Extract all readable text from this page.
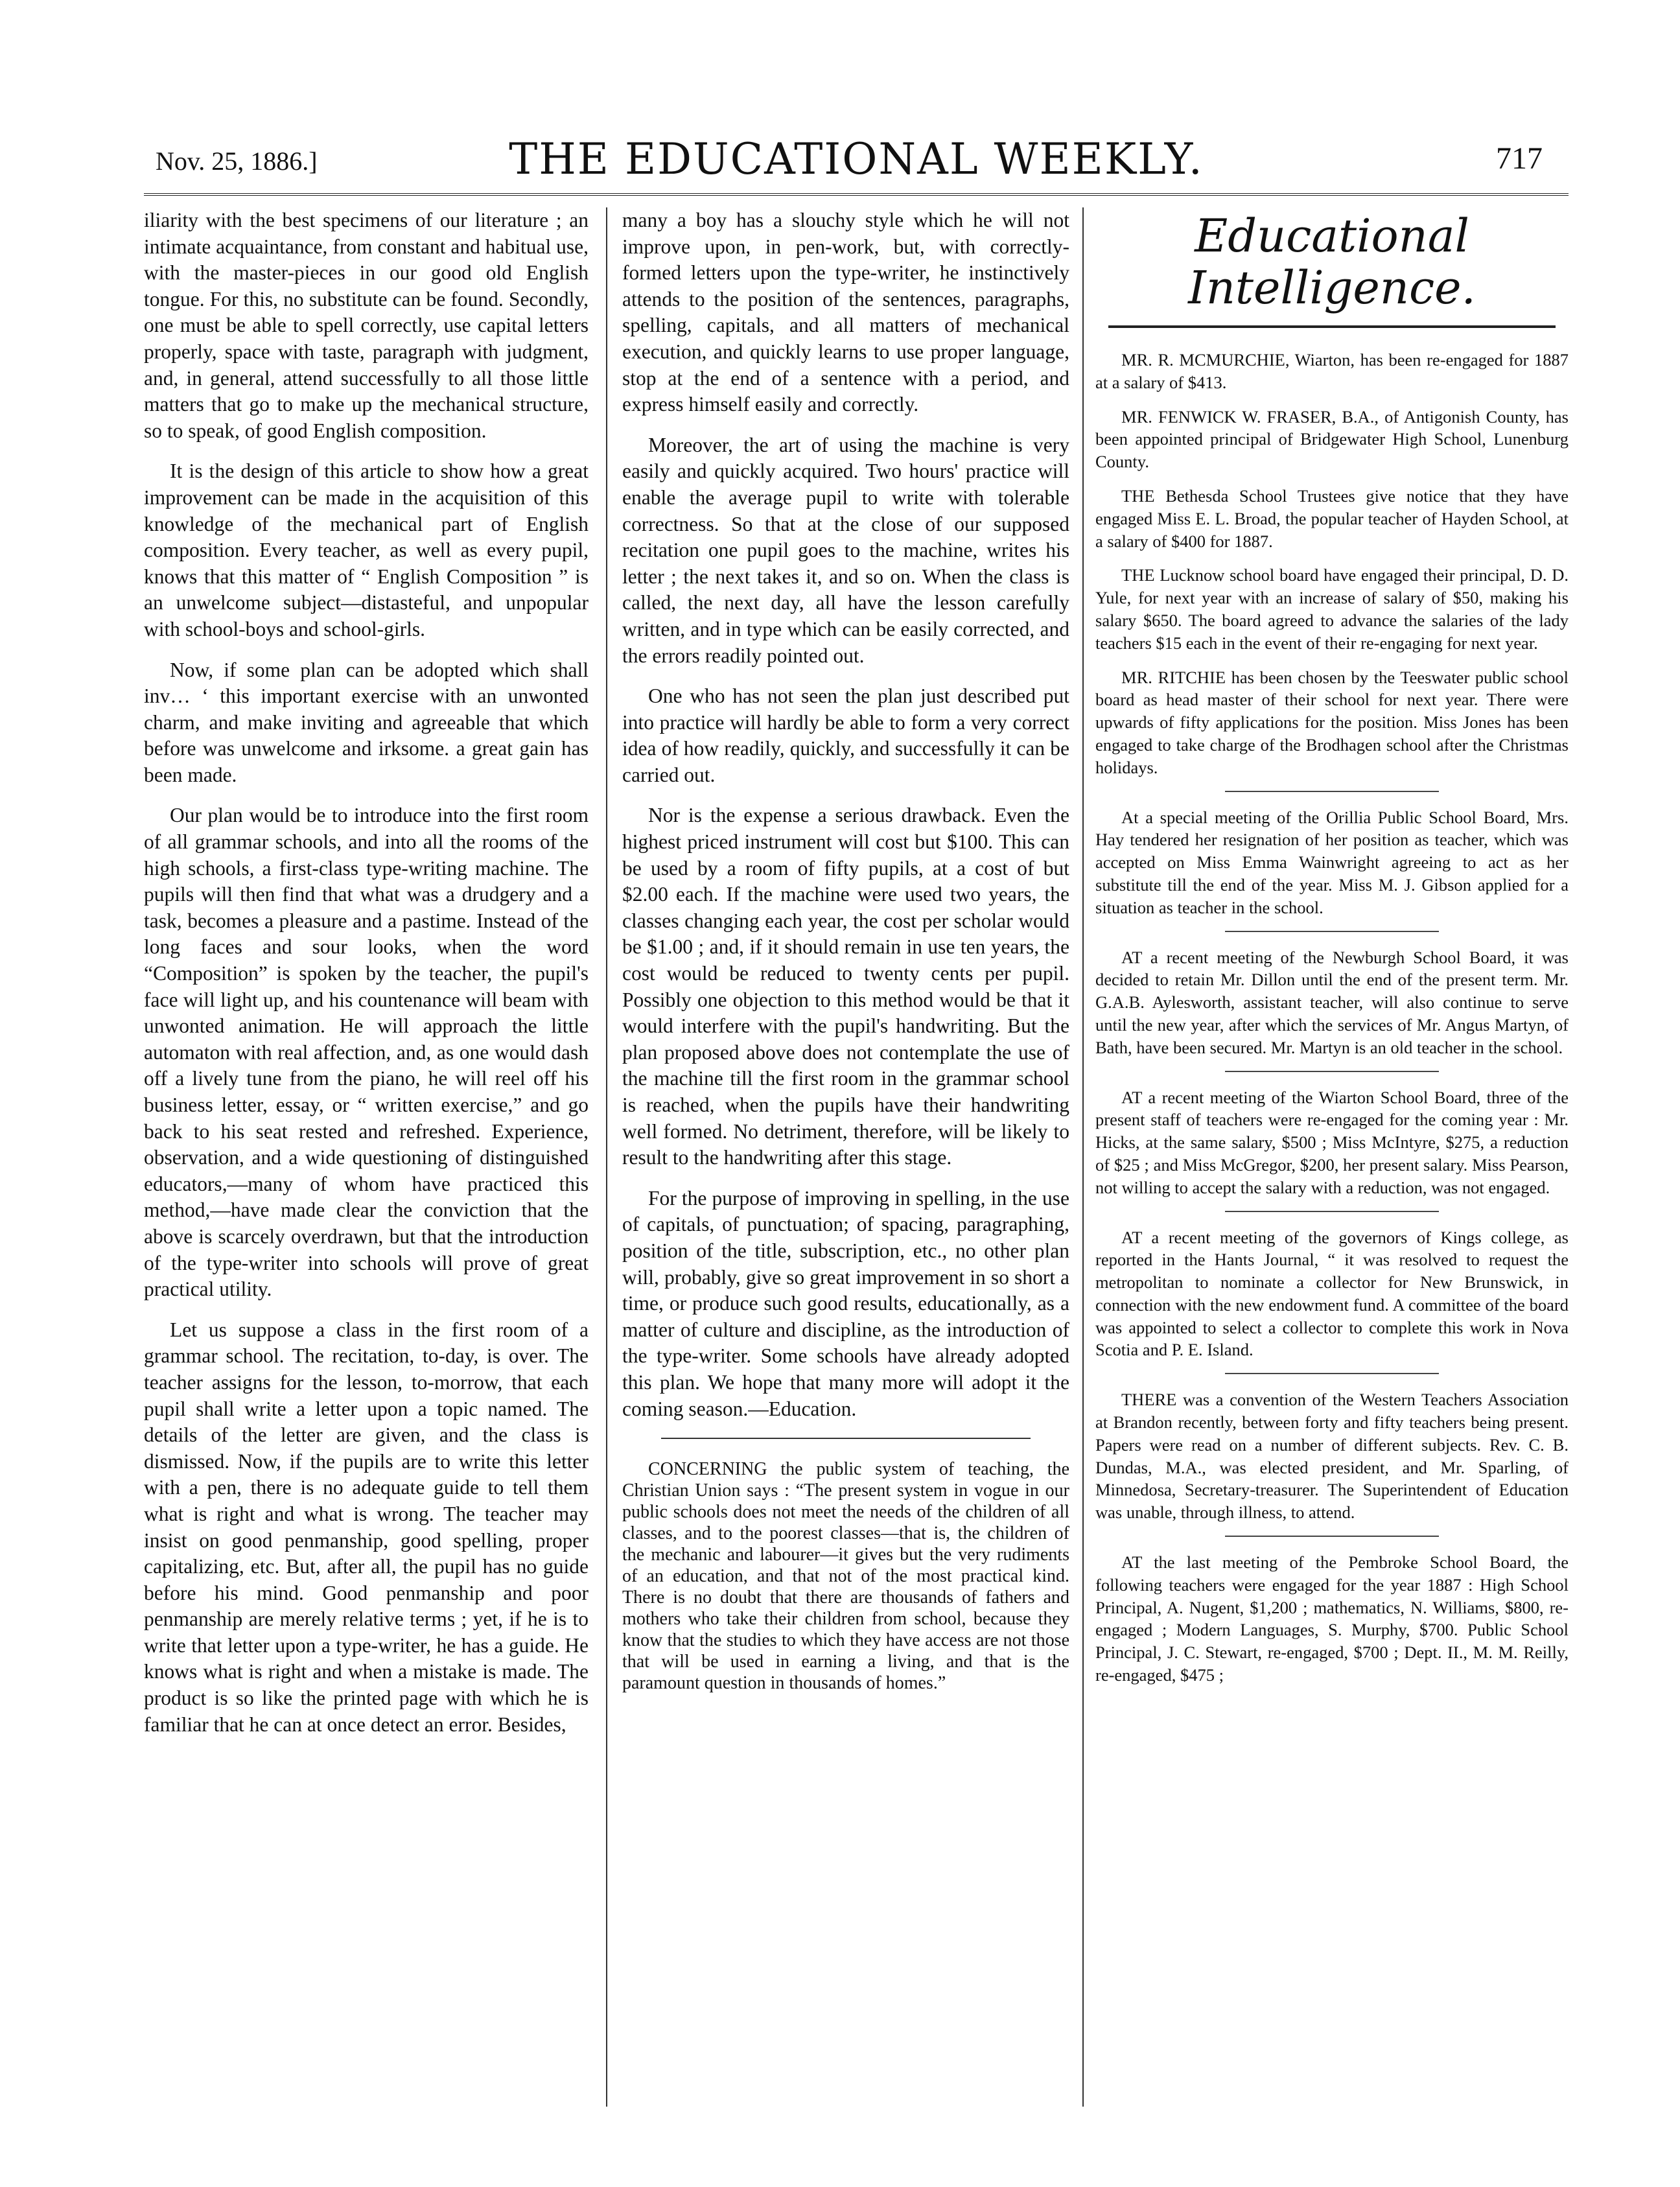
Nov. 25, 1886.]	THE EDUCATIONAL WEEKLY.	717

iliarity with the best specimens of our literature ; an intimate acquaintance, from constant and habitual use, with the master-pieces in our good old English tongue. For this, no substitute can be found. Secondly, one must be able to spell correctly, use capital letters properly, space with taste, paragraph with judgment, and, in general, attend successfully to all those little matters that go to make up the mechanical structure, so to speak, of good English composition.

It is the design of this article to show how a great improvement can be made in the acquisition of this knowledge of the mechanical part of English composition. Every teacher, as well as every pupil, knows that this matter of “ English Composition ” is an unwelcome subject—distasteful, and unpopular with school-boys and school-girls.

Now, if some plan can be adopted which shall inv… ‘ this important exercise with an unwonted charm, and make inviting and agreeable that which before was unwelcome and irksome. a great gain has been made.

Our plan would be to introduce into the first room of all grammar schools, and into all the rooms of the high schools, a first-class type-writing machine. The pupils will then find that what was a drudgery and a task, becomes a pleasure and a pastime. Instead of the long faces and sour looks, when the word “Composition” is spoken by the teacher, the pupil's face will light up, and his countenance will beam with unwonted animation. He will approach the little automaton with real affection, and, as one would dash off a lively tune from the piano, he will reel off his business letter, essay, or “ written exercise,” and go back to his seat rested and refreshed. Experience, observation, and a wide questioning of distinguished educators,—many of whom have practiced this method,—have made clear the conviction that the above is scarcely overdrawn, but that the introduction of the type-writer into schools will prove of great practical utility.

Let us suppose a class in the first room of a grammar school. The recitation, to-day, is over. The teacher assigns for the lesson, to-morrow, that each pupil shall write a letter upon a topic named. The details of the letter are given, and the class is dismissed. Now, if the pupils are to write this letter with a pen, there is no adequate guide to tell them what is right and what is wrong. The teacher may insist on good penmanship, good spelling, proper capitalizing, etc. But, after all, the pupil has no guide before his mind. Good penmanship and poor penmanship are merely relative terms ; yet, if he is to write that letter upon a type-writer, he has a guide. He knows what is right and when a mistake is made. The product is so like the printed page with which he is familiar that he can at once detect an error. Besides,

many a boy has a slouchy style which he will not improve upon, in pen-work, but, with correctly-formed letters upon the type-writer, he instinctively attends to the position of the sentences, paragraphs, spelling, capitals, and all matters of mechanical execution, and quickly learns to use proper language, stop at the end of a sentence with a period, and express himself easily and correctly.

Moreover, the art of using the machine is very easily and quickly acquired. Two hours' practice will enable the average pupil to write with tolerable correctness. So that at the close of our supposed recitation one pupil goes to the machine, writes his letter ; the next takes it, and so on. When the class is called, the next day, all have the lesson carefully written, and in type which can be easily corrected, and the errors readily pointed out.

One who has not seen the plan just described put into practice will hardly be able to form a very correct idea of how readily, quickly, and successfully it can be carried out.

Nor is the expense a serious drawback. Even the highest priced instrument will cost but $100. This can be used by a room of fifty pupils, at a cost of but $2.00 each. If the machine were used two years, the classes changing each year, the cost per scholar would be $1.00 ; and, if it should remain in use ten years, the cost would be reduced to twenty cents per pupil. Possibly one objection to this method would be that it would interfere with the pupil's handwriting. But the plan proposed above does not contemplate the use of the machine till the first room in the grammar school is reached, when the pupils have their handwriting well formed. No detriment, therefore, will be likely to result to the handwriting after this stage.

For the purpose of improving in spelling, in the use of capitals, of punctuation; of spacing, paragraphing, position of the title, subscription, etc., no other plan will, probably, give so great improvement in so short a time, or produce such good results, educationally, as a matter of culture and discipline, as the introduction of the type-writer. Some schools have already adopted this plan. We hope that many more will adopt it the coming season.—Education.

CONCERNING the public system of teaching, the Christian Union says : “The present system in vogue in our public schools does not meet the needs of the children of all classes, and to the poorest classes—that is, the children of the mechanic and labourer—it gives but the very rudiments of an education, and that not of the most practical kind. There is no doubt that there are thousands of fathers and mothers who take their children from school, because they know that the studies to which they have access are not those that will be used in earning a living, and that is the paramount question in thousands of homes.”

Educational Intelligence.

MR. R. MCMURCHIE, Wiarton, has been re-engaged for 1887 at a salary of $413.

MR. FENWICK W. FRASER, B.A., of Antigonish County, has been appointed principal of Bridgewater High School, Lunenburg County.

THE Bethesda School Trustees give notice that they have engaged Miss E. L. Broad, the popular teacher of Hayden School, at a salary of $400 for 1887.

THE Lucknow school board have engaged their principal, D. D. Yule, for next year with an increase of salary of $50, making his salary $650. The board agreed to advance the salaries of the lady teachers $15 each in the event of their re-engaging for next year.

MR. RITCHIE has been chosen by the Teeswater public school board as head master of their school for next year. There were upwards of fifty applications for the position. Miss Jones has been engaged to take charge of the Brodhagen school after the Christmas holidays.

At a special meeting of the Orillia Public School Board, Mrs. Hay tendered her resignation of her position as teacher, which was accepted on Miss Emma Wainwright agreeing to act as her substitute till the end of the year. Miss M. J. Gibson applied for a situation as teacher in the school.

AT a recent meeting of the Newburgh School Board, it was decided to retain Mr. Dillon until the end of the present term. Mr. G.A.B. Aylesworth, assistant teacher, will also continue to serve until the new year, after which the services of Mr. Angus Martyn, of Bath, have been secured. Mr. Martyn is an old teacher in the school.

AT a recent meeting of the Wiarton School Board, three of the present staff of teachers were re-engaged for the coming year : Mr. Hicks, at the same salary, $500 ; Miss McIntyre, $275, a reduction of $25 ; and Miss McGregor, $200, her present salary. Miss Pearson, not willing to accept the salary with a reduction, was not engaged.

AT a recent meeting of the governors of Kings college, as reported in the Hants Journal, “ it was resolved to request the metropolitan to nominate a collector for New Brunswick, in connection with the new endowment fund. A committee of the board was appointed to select a collector to complete this work in Nova Scotia and P. E. Island.

THERE was a convention of the Western Teachers Association at Brandon recently, between forty and fifty teachers being present. Papers were read on a number of different subjects. Rev. C. B. Dundas, M.A., was elected president, and Mr. Sparling, of Minnedosa, Secretary-treasurer. The Superintendent of Education was unable, through illness, to attend.

AT the last meeting of the Pembroke School Board, the following teachers were engaged for the year 1887 : High School Principal, A. Nugent, $1,200 ; mathematics, N. Williams, $800, re-engaged ; Modern Languages, S. Murphy, $700. Public School Principal, J. C. Stewart, re-engaged, $700 ; Dept. II., M. M. Reilly, re-engaged, $475 ;
